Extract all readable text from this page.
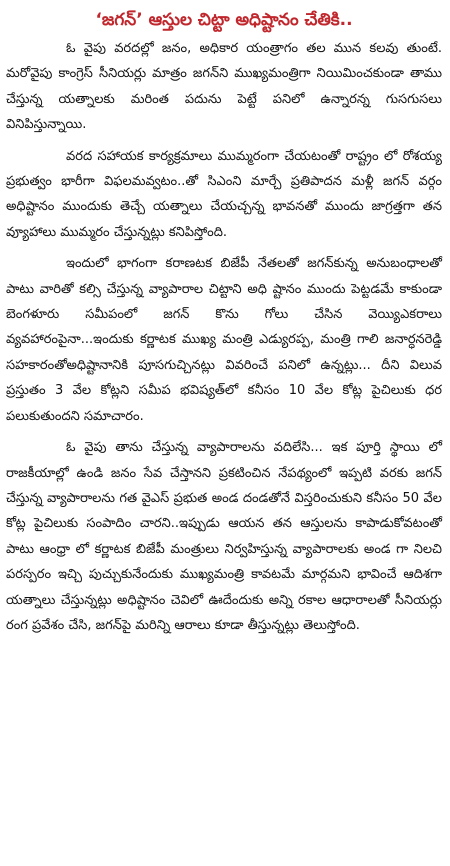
‘జగన్’ ఆస్తుల చిట్టా అధిష్టానం చేతికి..

ఓ వైపు వరదల్లో జనం, అధికార యంత్రాగం తల మున కలవు తుంటే. మరోవైపు కాంగ్రెస్ సీనియర్లు మాత్రం జగన్‌ని ముఖ్యమంత్రిగా నియిమించకుండా తాము చేస్తున్న యత్నాలకు మరింత పదును పెట్టే పనిలో ఉన్నారన్న గుసగుసలు వినిపిస్తున్నాయి.

వరద సహాయక కార్యక్రమాలు ముమ్మరంగా చేయటంతో రాష్ట్రం లో రోశయ్య ప్రభుత్వం భారీగా విఫలమవ్వటం..తో సిఎంని మార్చే ప్రతిపాదన మళ్లీ జగన్ వర్గం అధిష్టానం ముందుకు తెచ్చే యత్నాలు చేయచ్చన్న భావనతో ముందు జాగ్రత్తగా తన వ్యూహాలు ముమ్మరం చేస్తున్నట్లు కనిపిస్తోంది.

ఇందులో భాగంగా కరాణటక బిజేపీ నేతలతో జగన్‌కున్న అనుబంధాలతో పాటు వారితో కల్సి చేస్తున్న వ్యాపారాల చిట్టాని అధి ష్టానం ముందు పెట్టడమే కాకుండా బెంగళూరు సమీపంలో జగన్ కొను గోలు చేసిన వెయ్యిఎకరాలు వ్యవహారంపైనా...ఇందుకు కర్ణాటక ముఖ్య మంత్రి ఎడ్యురప్ప, మంత్రి గాలి జనార్ధనరెడ్డి సహకారంతోఅధిష్టానానికి పూసగుచ్చినట్లు వివరించే పనిలో ఉన్నట్లు... దీని విలువ ప్రస్తుతం 3 వేల కోట్లని సమీప భవిష్యత్‌లో కనీసం 10 వేల కోట్ల పైచిలుకు ధర పలుకుతుందని సమాచారం.

ఓ వైపు తాను చేస్తున్న వ్యాపారాలను వదిలేసి... ఇక పూర్తి స్థాయి లో రాజకీయాల్లో ఉండి జనం సేవ చేస్తానని ప్రకటించిన నేపథ్యంలో ఇప్పటి వరకు జగన్ చేస్తున్న వ్యాపారాలను గత వైఎస్ ప్రభుత అండ దండతోనే విస్తరించుకుని కనీసం 50 వేల కోట్ల పైచిలుకు సంపాదిం చారని..ఇప్పుడు ఆయన తన ఆస్తులను కాపాడుకోవటంతో పాటు ఆంధ్రా లో కర్ణాటక బిజేపీ మంత్రులు నిర్వహిస్తున్న వ్యాపారాలకు అండ గా నిలచి పరస్పరం ఇచ్చి పుచ్చుకునేందుకు ముఖ్యమంత్రి కావటమే మార్గమని భావించే ఆదిశగా యత్నాలు చేస్తున్నట్లు అధిష్టానం చెవిలో ఊదేందుకు అన్ని రకాల ఆధారాలతో సీనియర్లు రంగ ప్రవేశం చేసి, జగన్‌పై మరిన్ని ఆరాలు కూడా తీస్తున్నట్లు తెలుస్తోంది.
